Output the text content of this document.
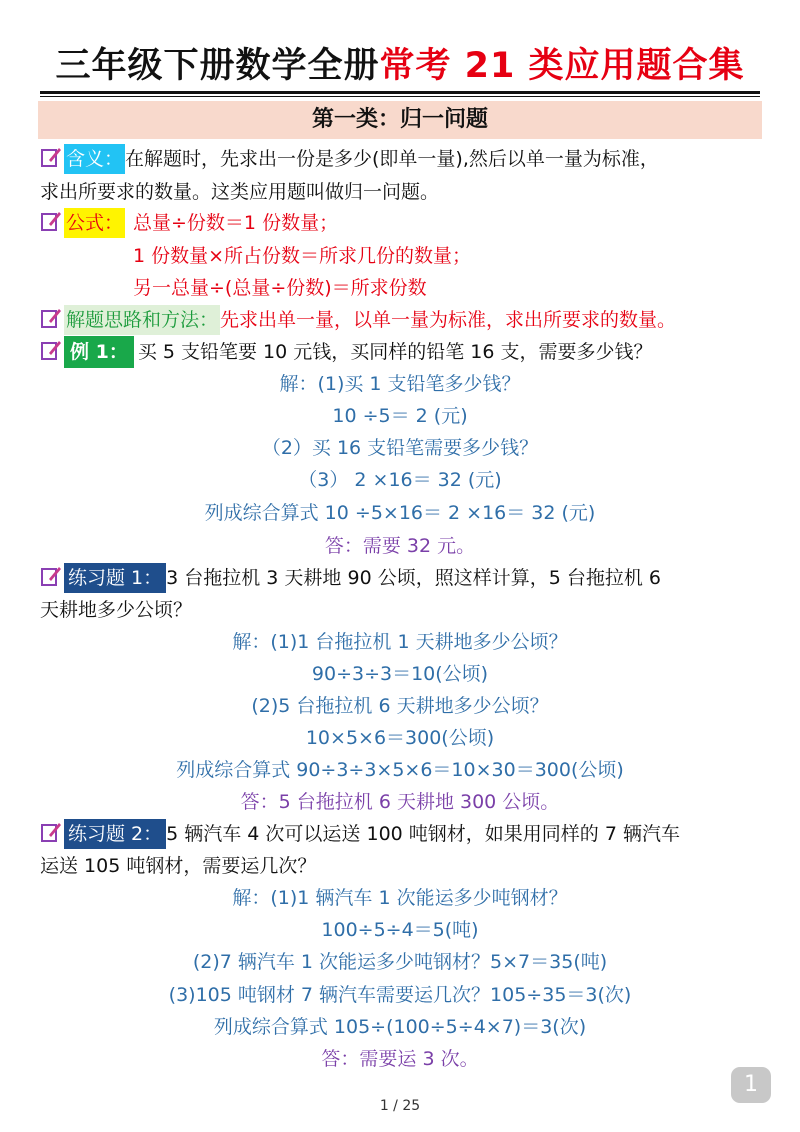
三年级下册数学全册常考 21 类应用题合集
第一类：归一问题
含义： 在解题时，先求出一份是多少(即单一量),然后以单一量为标准，
求出所要求的数量。这类应用题叫做归一问题。
公式： 总量÷份数＝1 份数量；
1 份数量×所占份数＝所求几份的数量；
另一总量÷(总量÷份数)＝所求份数
解题思路和方法： 先求出单一量，以单一量为标准，求出所要求的数量。
例 1： 买 5 支铅笔要 10 元钱，买同样的铅笔 16 支，需要多少钱？
解：(1)买 1 支铅笔多少钱？
10 ÷5＝ 2 (元)
（2）买 16 支铅笔需要多少钱？
（3） 2 ×16＝ 32 (元)
列成综合算式 10 ÷5×16＝ 2 ×16＝ 32 (元)
答：需要 32 元。
练习题 1： 3 台拖拉机 3 天耕地 90 公顷，照这样计算，5 台拖拉机 6
天耕地多少公顷？
解：(1)1 台拖拉机 1 天耕地多少公顷？
90÷3÷3＝10(公顷)
(2)5 台拖拉机 6 天耕地多少公顷？
10×5×6＝300(公顷)
列成综合算式 90÷3÷3×5×6＝10×30＝300(公顷)
答：5 台拖拉机 6 天耕地 300 公顷。
练习题 2： 5 辆汽车 4 次可以运送 100 吨钢材，如果用同样的 7 辆汽车
运送 105 吨钢材，需要运几次？
解：(1)1 辆汽车 1 次能运多少吨钢材？
100÷5÷4＝5(吨)
(2)7 辆汽车 1 次能运多少吨钢材？5×7＝35(吨)
(3)105 吨钢材 7 辆汽车需要运几次？105÷35＝3(次)
列成综合算式 105÷(100÷5÷4×7)＝3(次)
答：需要运 3 次。
1 / 25
1
